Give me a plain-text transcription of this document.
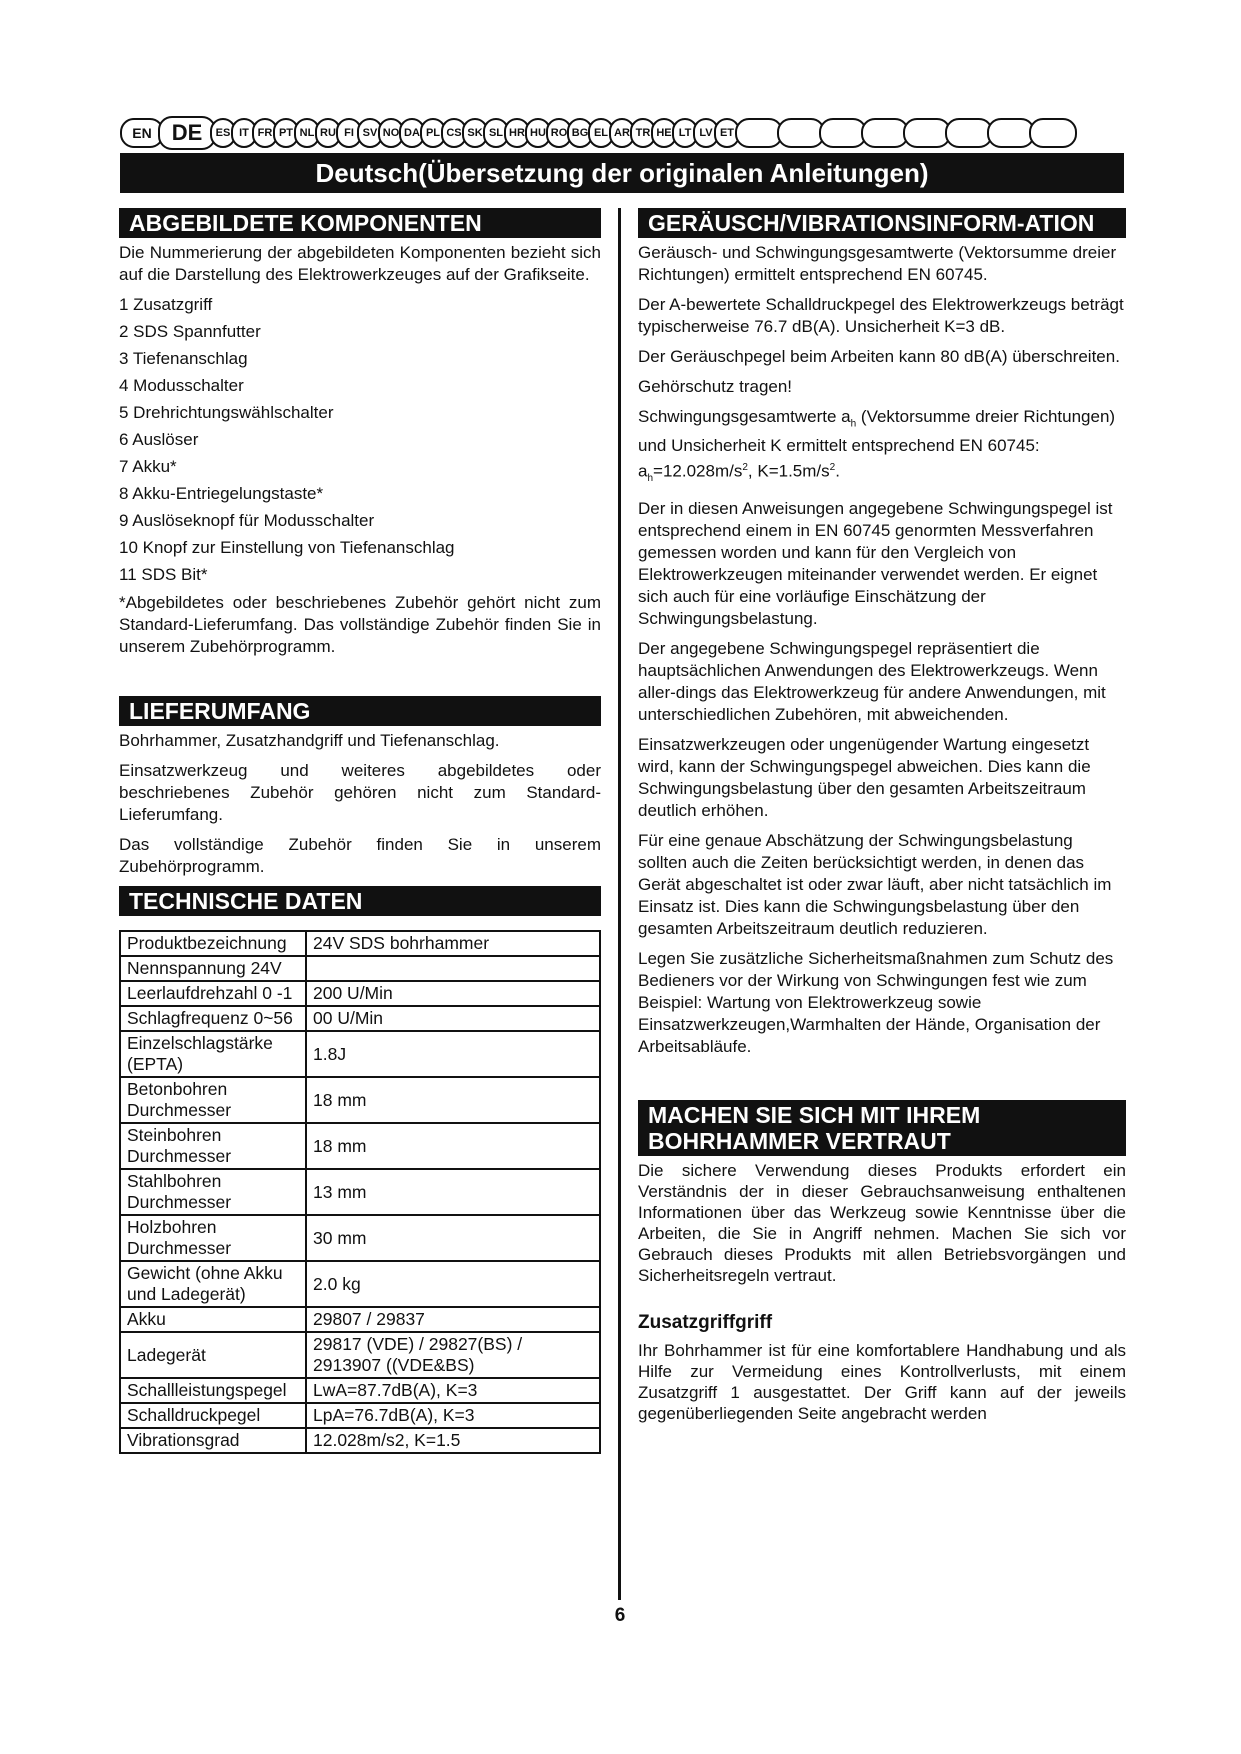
EN DE	ES IT FR PT NL RU FI SV NO DA PL CS SK SL HR HU RO BG EL AR TR HE LT LV ET
Deutsch(Übersetzung der originalen Anleitungen)
ABGEBILDETE KOMPONENTEN

Die Nummerierung der abgebildeten Komponenten bezieht sich auf die Darstellung des Elektrowerkzeuges auf der Grafikseite.

1 Zusatzgriff
2 SDS Spannfutter
3 Tiefenanschlag
4 Modusschalter
5 Drehrichtungswählschalter
6 Auslöser
7 Akku*
8 Akku-Entriegelungstaste*
9 Auslöseknopf für Modusschalter
10 Knopf zur Einstellung von Tiefenanschlag
11 SDS Bit*

*Abgebildetes oder beschriebenes Zubehör gehört nicht zum Standard-Lieferumfang. Das vollständige Zubehör finden Sie in unserem Zubehörprogramm.

LIEFERUMFANG

Bohrhammer, Zusatzhandgriff und Tiefenanschlag.

Einsatzwerkzeug und weiteres abgebildetes oder beschriebenes Zubehör gehören nicht zum Standard-Lieferumfang.

Das vollständige Zubehör finden Sie in unserem Zubehörprogramm.

TECHNISCHE DATEN
Produktbezeichnung	24V SDS bohrhammer
Nennspannung 24V	
Leerlaufdrehzahl 0 -1	200 U/Min
Schlagfrequenz 0~56	00 U/Min
Einzelschlagstärke (EPTA)	1.8J
Betonbohren Durchmesser	18 mm
Steinbohren Durchmesser	18 mm
Stahlbohren Durchmesser	13 mm
Holzbohren Durchmesser	30 mm
Gewicht (ohne Akku und Ladegerät)	2.0 kg
Akku	29807 / 29837
Ladegerät	29817 (VDE) / 29827(BS) / 2913907 ((VDE&BS)
Schallleistungspegel	LwA=87.7dB(A), K=3
Schalldruckpegel	LpA=76.7dB(A), K=3
Vibrationsgrad	12.028m/s2, K=1.5
GERÄUSCH/VIBRATIONSINFORM-ATION

Geräusch- und Schwingungsgesamtwerte (Vektorsumme dreier Richtungen) ermittelt entsprechend EN 60745.

Der A-bewertete Schalldruckpegel des Elektrowerkzeugs beträgt typischerweise 76.7 dB(A). Unsicherheit K=3 dB.

Der Geräuschpegel beim Arbeiten kann 80 dB(A) überschreiten.

Gehörschutz tragen!

Schwingungsgesamtwerte $a_h$ (Vektorsumme dreier Richtungen) und Unsicherheit K ermittelt entsprechend EN 60745: $a_h=12.028m/s^2$, $K=1.5m/s^2$.

Der in diesen Anweisungen angegebene Schwingungspegel ist entsprechend einem in EN 60745 genormten Messverfahren gemessen worden und kann für den Vergleich von Elektrowerkzeugen miteinander verwendet werden. Er eignet sich auch für eine vorläufige Einschätzung der Schwingungsbelastung.

Der angegebene Schwingungspegel repräsentiert die hauptsächlichen Anwendungen des Elektrowerkzeugs. Wenn aller-dings das Elektrowerkzeug für andere Anwendungen, mit unterschiedlichen Zubehören, mit abweichenden.

Einsatzwerkzeugen oder ungenügender Wartung eingesetzt wird, kann der Schwingungspegel abweichen. Dies kann die Schwingungsbelastung über den gesamten Arbeitszeitraum deutlich erhöhen.

Für eine genaue Abschätzung der Schwingungsbelastung sollten auch die Zeiten berücksichtigt werden, in denen das Gerät abgeschaltet ist oder zwar läuft, aber nicht tatsächlich im Einsatz ist. Dies kann die Schwingungsbelastung über den gesamten Arbeitszeitraum deutlich reduzieren.

Legen Sie zusätzliche Sicherheitsmaßnahmen zum Schutz des Bedieners vor der Wirkung von Schwingungen fest wie zum Beispiel: Wartung von Elektrowerkzeug sowie Einsatzwerkzeugen,Warmhalten der Hände, Organisation der Arbeitsabläufe.

MACHEN SIE SICH MIT IHREM BOHRHAMMER VERTRAUT

Die sichere Verwendung dieses Produkts erfordert ein Verständnis der in dieser Gebrauchsanweisung enthaltenen Informationen über das Werkzeug sowie Kenntnisse über die Arbeiten, die Sie in Angriff nehmen. Machen Sie sich vor Gebrauch dieses Produkts mit allen Betriebsvorgängen und Sicherheitsregeln vertraut.

Zusatzgriffgriff

Ihr Bohrhammer ist für eine komfortablere Handhabung und als Hilfe zur Vermeidung eines Kontrollverlusts, mit einem Zusatzgriff 1 ausgestattet. Der Griff kann auf der jeweils gegenüberliegenden Seite angebracht werden

6
